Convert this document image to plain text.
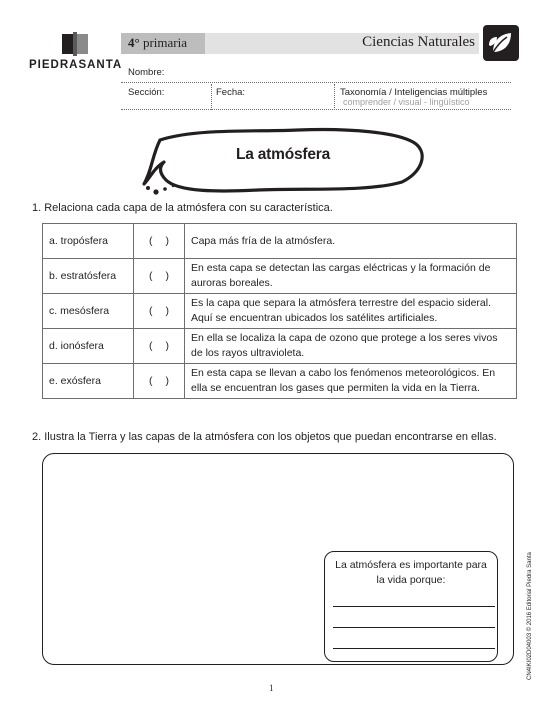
PIEDRASANTA
4° primaria	Ciencias Naturales
Nombre:
Sección:	Fecha:	Taxonomía / Inteligencias múltiples
comprender / visual - lingüístico
La atmósfera
1. Relaciona cada capa de la atmósfera con su característica.
a. tropósfera	( )	Capa más fría de la atmósfera.
b. estratósfera	( )	En esta capa se detectan las cargas eléctricas y la formación de auroras boreales.
c. mesósfera	( )	Es la capa que separa la atmósfera terrestre del espacio sideral. Aquí se encuentran ubicados los satélites artificiales.
d. ionósfera	( )	En ella se localiza la capa de ozono que protege a los seres vivos de los rayos ultravioleta.
e. exósfera	( )	En esta capa se llevan a cabo los fenómenos meteorológicos. En ella se encuentran los gases que permiten la vida en la Tierra.
2. Ilustra la Tierra y las capas de la atmósfera con los objetos que puedan encontrarse en ellas.
La atmósfera es importante para la vida porque:
1
CN4IKI02D04003 © 2016 Editorial Piedra Santa
